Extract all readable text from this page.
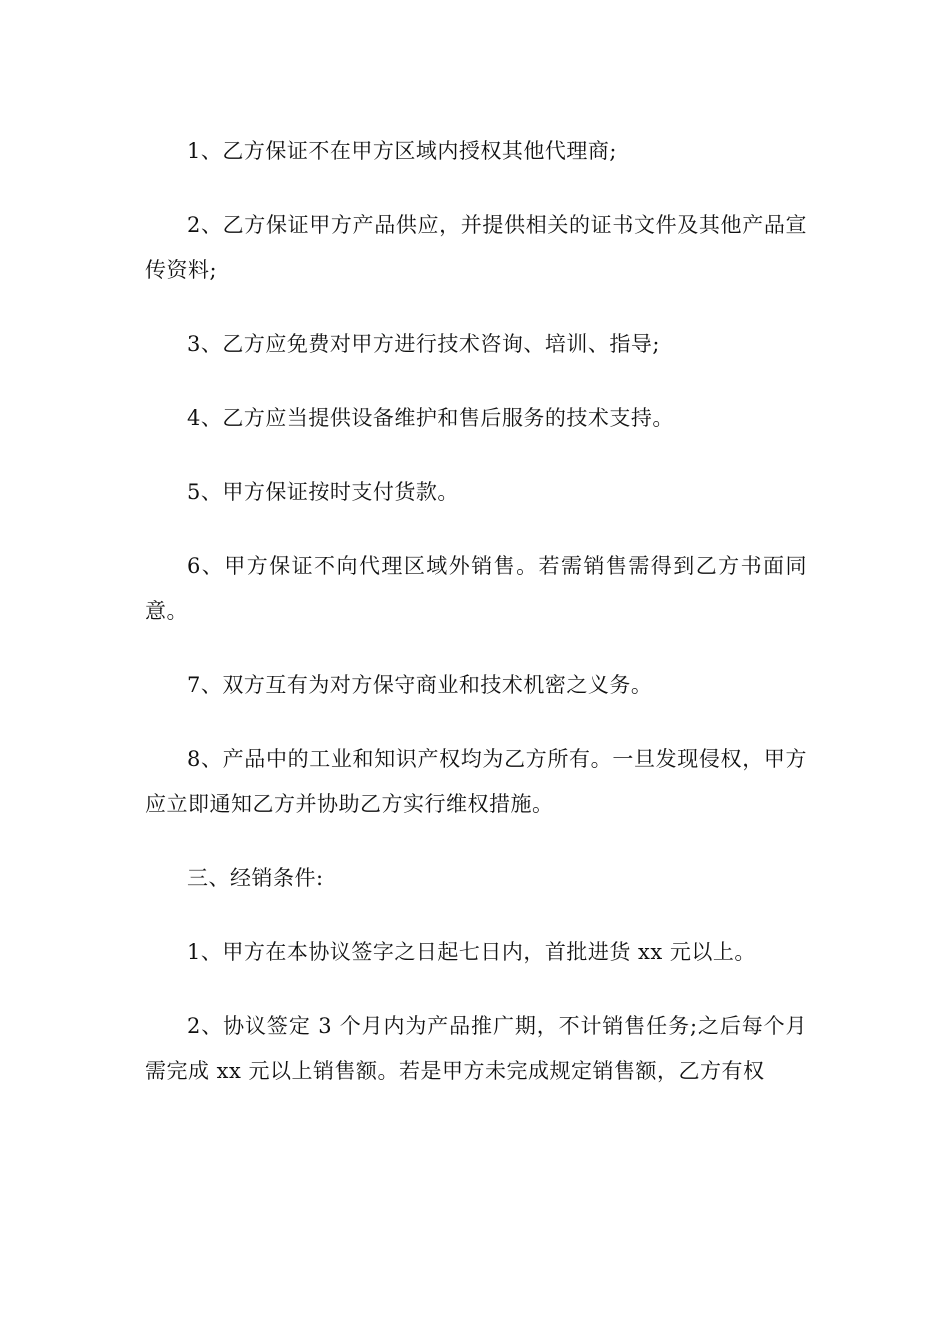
1、乙方保证不在甲方区域内授权其他代理商;

2、乙方保证甲方产品供应，并提供相关的证书文件及其他产品宣传资料;

3、乙方应免费对甲方进行技术咨询、培训、指导;

4、乙方应当提供设备维护和售后服务的技术支持。

5、甲方保证按时支付货款。

6、甲方保证不向代理区域外销售。若需销售需得到乙方书面同意。

7、双方互有为对方保守商业和技术机密之义务。

8、产品中的工业和知识产权均为乙方所有。一旦发现侵权，甲方应立即通知乙方并协助乙方实行维权措施。

三、经销条件:

1、甲方在本协议签字之日起七日内，首批进货 xx 元以上。

2、协议签定 3 个月内为产品推广期，不计销售任务;之后每个月需完成 xx 元以上销售额。若是甲方未完成规定销售额，乙方有权
